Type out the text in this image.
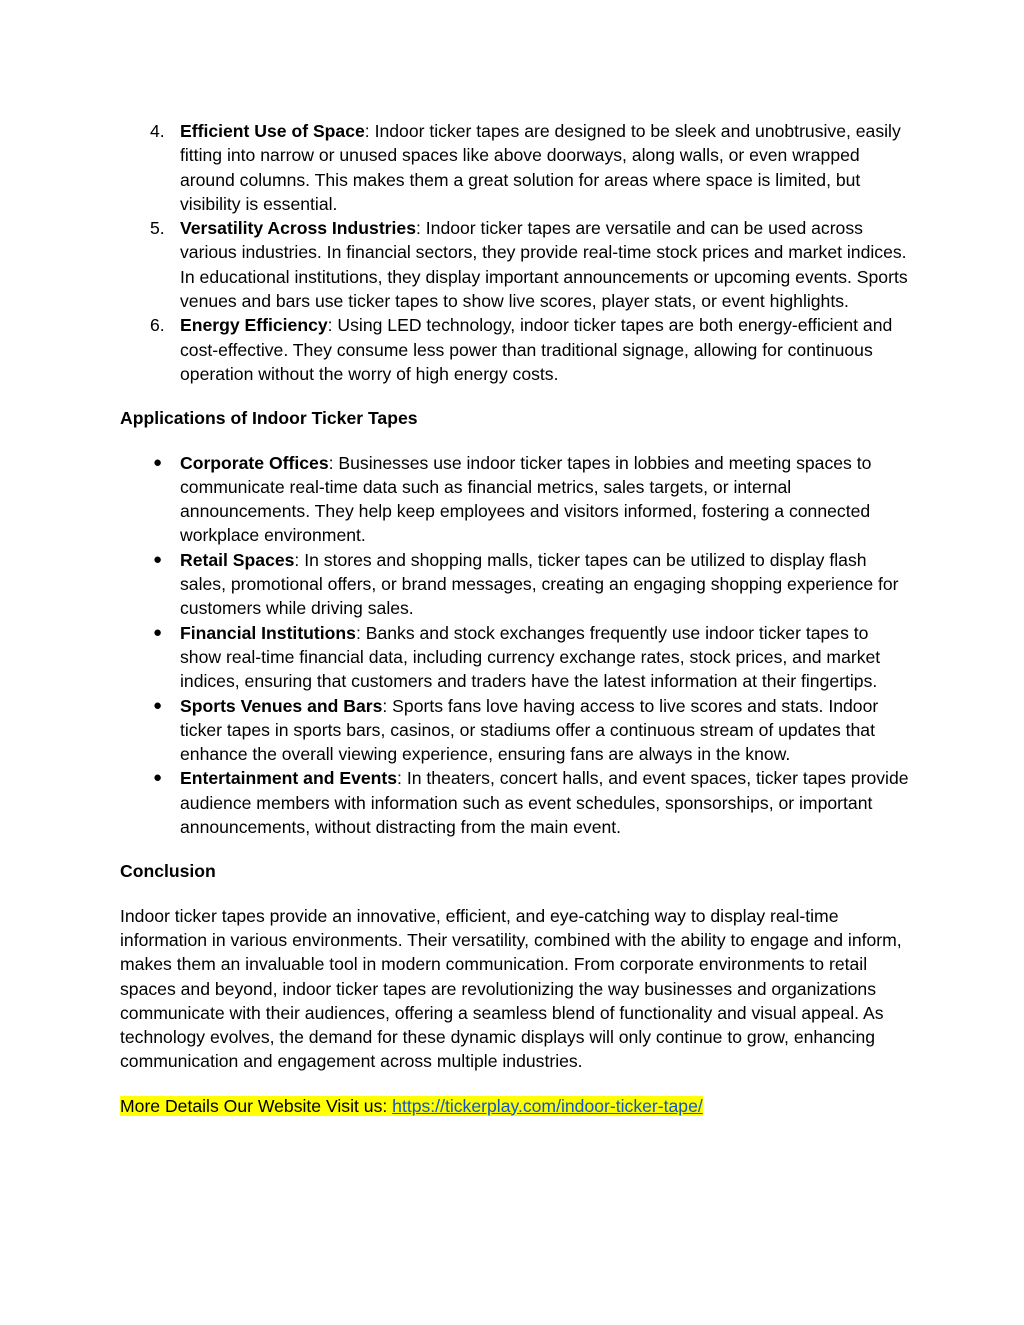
4. Efficient Use of Space: Indoor ticker tapes are designed to be sleek and unobtrusive, easily fitting into narrow or unused spaces like above doorways, along walls, or even wrapped around columns. This makes them a great solution for areas where space is limited, but visibility is essential.
5. Versatility Across Industries: Indoor ticker tapes are versatile and can be used across various industries. In financial sectors, they provide real-time stock prices and market indices. In educational institutions, they display important announcements or upcoming events. Sports venues and bars use ticker tapes to show live scores, player stats, or event highlights.
6. Energy Efficiency: Using LED technology, indoor ticker tapes are both energy-efficient and cost-effective. They consume less power than traditional signage, allowing for continuous operation without the worry of high energy costs.
Applications of Indoor Ticker Tapes
● Corporate Offices: Businesses use indoor ticker tapes in lobbies and meeting spaces to communicate real-time data such as financial metrics, sales targets, or internal announcements. They help keep employees and visitors informed, fostering a connected workplace environment.
● Retail Spaces: In stores and shopping malls, ticker tapes can be utilized to display flash sales, promotional offers, or brand messages, creating an engaging shopping experience for customers while driving sales.
● Financial Institutions: Banks and stock exchanges frequently use indoor ticker tapes to show real-time financial data, including currency exchange rates, stock prices, and market indices, ensuring that customers and traders have the latest information at their fingertips.
● Sports Venues and Bars: Sports fans love having access to live scores and stats. Indoor ticker tapes in sports bars, casinos, or stadiums offer a continuous stream of updates that enhance the overall viewing experience, ensuring fans are always in the know.
● Entertainment and Events: In theaters, concert halls, and event spaces, ticker tapes provide audience members with information such as event schedules, sponsorships, or important announcements, without distracting from the main event.
Conclusion

Indoor ticker tapes provide an innovative, efficient, and eye-catching way to display real-time information in various environments. Their versatility, combined with the ability to engage and inform, makes them an invaluable tool in modern communication. From corporate environments to retail spaces and beyond, indoor ticker tapes are revolutionizing the way businesses and organizations communicate with their audiences, offering a seamless blend of functionality and visual appeal. As technology evolves, the demand for these dynamic displays will only continue to grow, enhancing communication and engagement across multiple industries.

More Details Our Website Visit us: https://tickerplay.com/indoor-ticker-tape/
